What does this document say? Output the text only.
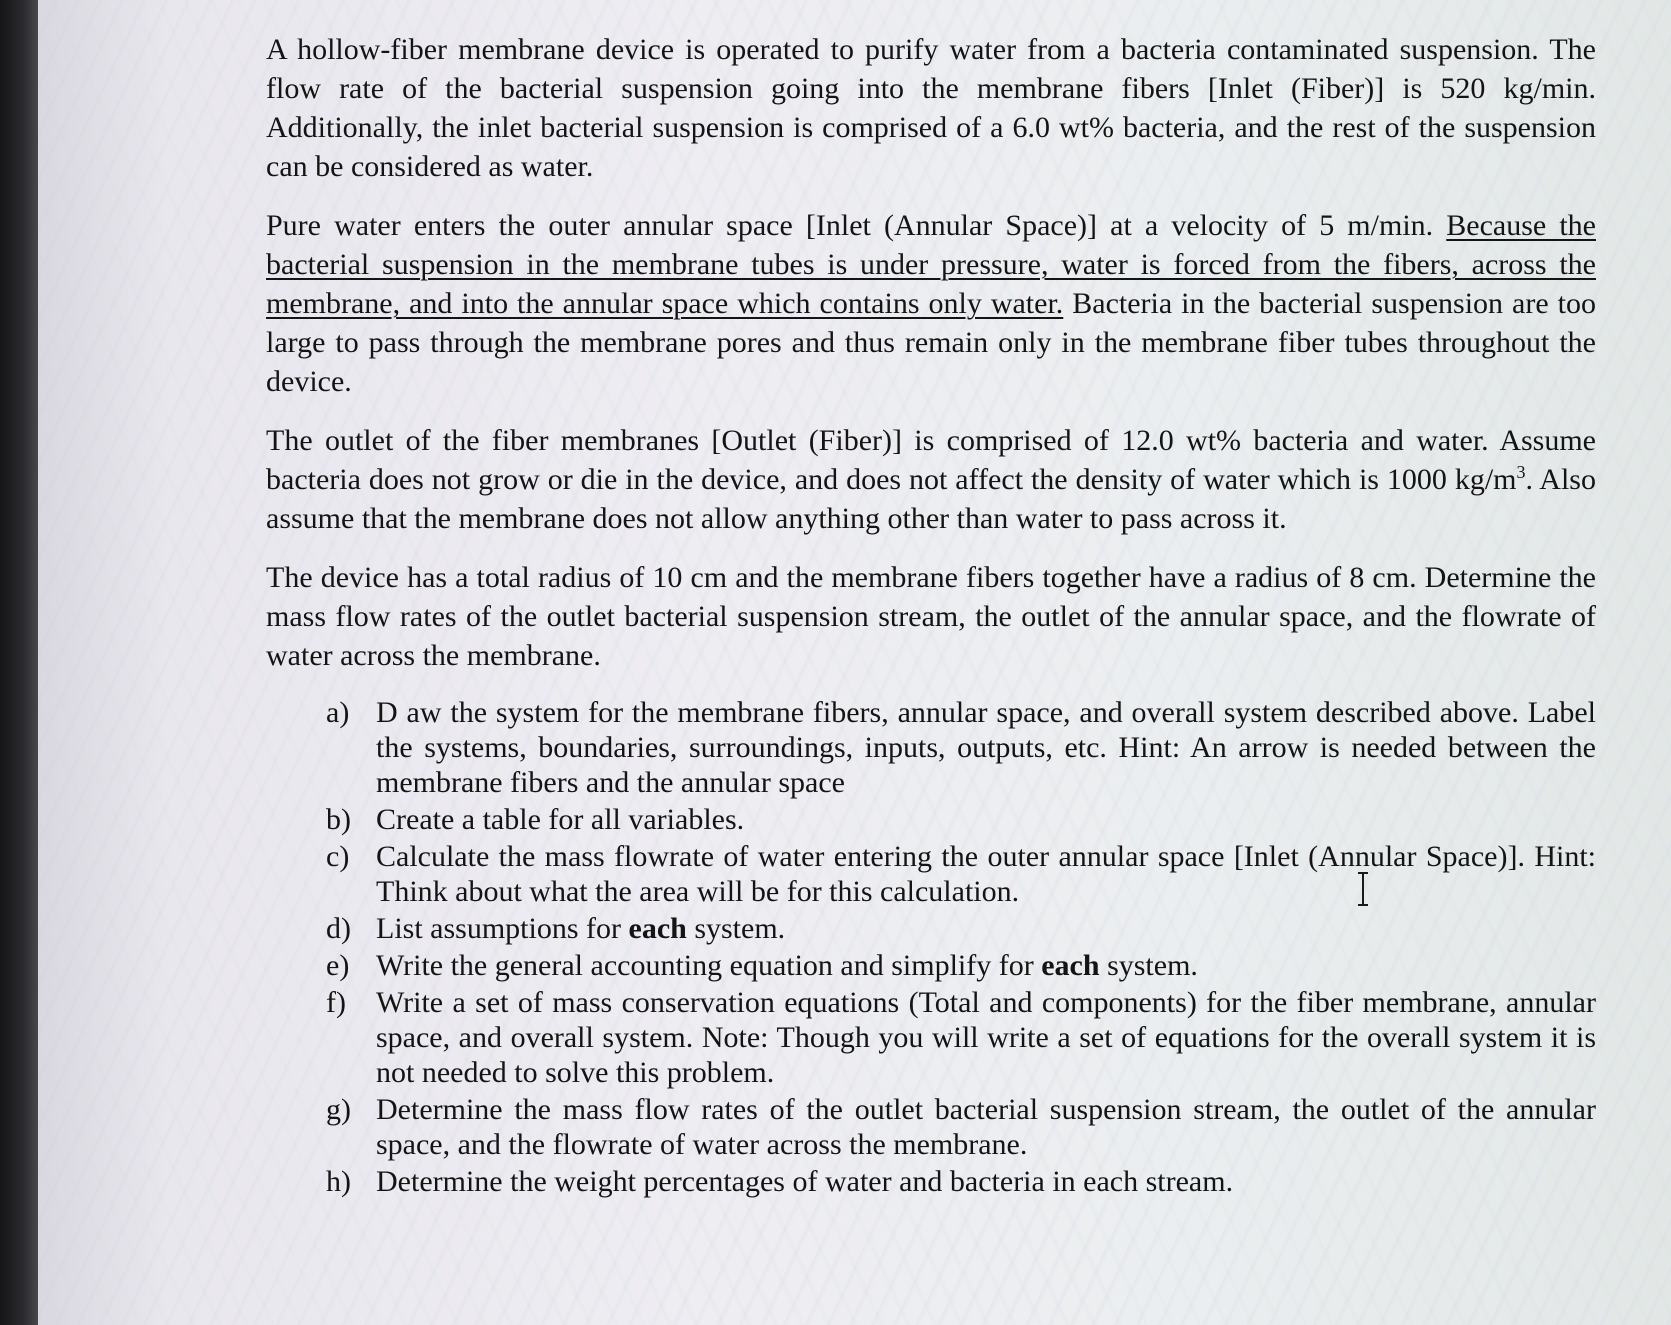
A hollow-fiber membrane device is operated to purify water from a bacteria contaminated suspension. The flow rate of the bacterial suspension going into the membrane fibers [Inlet (Fiber)] is 520 kg/min. Additionally, the inlet bacterial suspension is comprised of a 6.0 wt% bacteria, and the rest of the suspension can be considered as water.

Pure water enters the outer annular space [Inlet (Annular Space)] at a velocity of 5 m/min. Because the bacterial suspension in the membrane tubes is under pressure, water is forced from the fibers, across the membrane, and into the annular space which contains only water. Bacteria in the bacterial suspension are too large to pass through the membrane pores and thus remain only in the membrane fiber tubes throughout the device.

The outlet of the fiber membranes [Outlet (Fiber)] is comprised of 12.0 wt% bacteria and water. Assume bacteria does not grow or die in the device, and does not affect the density of water which is 1000 $kg/m^3$. Also assume that the membrane does not allow anything other than water to pass across it.

The device has a total radius of 10 cm and the membrane fibers together have a radius of 8 cm. Determine the mass flow rates of the outlet bacterial suspension stream, the outlet of the annular space, and the flowrate of water across the membrane.

a) D aw the system for the membrane fibers, annular space, and overall system described above. Label the systems, boundaries, surroundings, inputs, outputs, etc. Hint: An arrow is needed between the membrane fibers and the annular space
b) Create a table for all variables.
c) Calculate the mass flowrate of water entering the outer annular space [Inlet (Annular Space)]. Hint: Think about what the area will be for this calculation.
d) List assumptions for each system.
e) Write the general accounting equation and simplify for each system.
f)	Write a set of mass conservation equations (Total and components) for the fiber membrane, annular space, and overall system. Note: Though you will write a set of equations for the overall system it is not needed to solve this problem.
g) Determine the mass flow rates of the outlet bacterial suspension stream, the outlet of the annular space, and the flowrate of water across the membrane.
h) Determine the weight percentages of water and bacteria in each stream.
